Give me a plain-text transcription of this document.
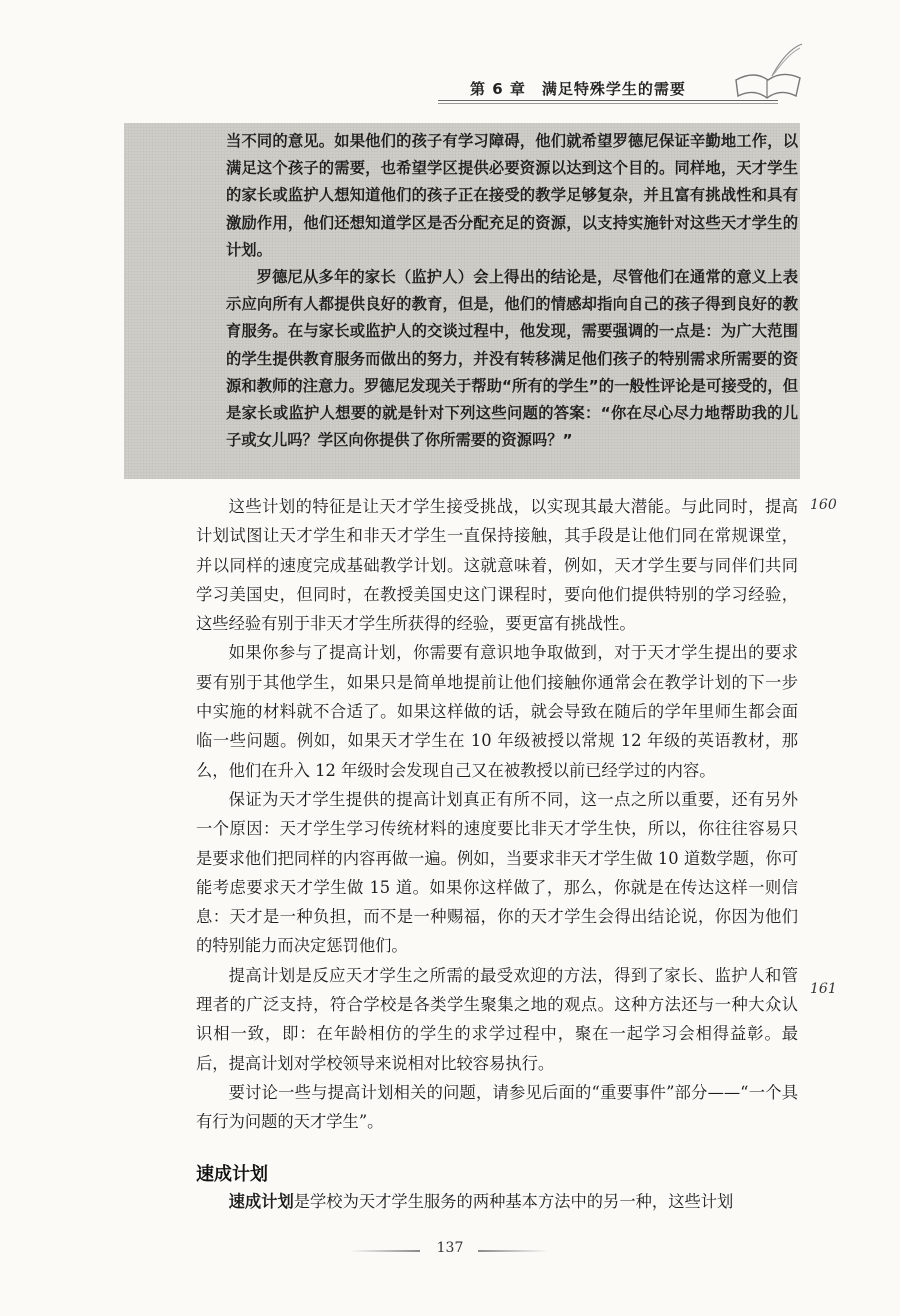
第 6 章　满足特殊学生的需要

当不同的意见。如果他们的孩子有学习障碍，他们就希望罗德尼保证辛勤地工作，以满足这个孩子的需要，也希望学区提供必要资源以达到这个目的。同样地，天才学生的家长或监护人想知道他们的孩子正在接受的教学足够复杂，并且富有挑战性和具有激励作用，他们还想知道学区是否分配充足的资源，以支持实施针对这些天才学生的计划。

罗德尼从多年的家长（监护人）会上得出的结论是，尽管他们在通常的意义上表示应向所有人都提供良好的教育，但是，他们的情感却指向自己的孩子得到良好的教育服务。在与家长或监护人的交谈过程中，他发现，需要强调的一点是：为广大范围的学生提供教育服务而做出的努力，并没有转移满足他们孩子的特别需求所需要的资源和教师的注意力。罗德尼发现关于帮助“所有的学生”的一般性评论是可接受的，但是家长或监护人想要的就是针对下列这些问题的答案：“你在尽心尽力地帮助我的儿子或女儿吗？学区向你提供了你所需要的资源吗？”

这些计划的特征是让天才学生接受挑战，以实现其最大潜能。与此同时，提高计划试图让天才学生和非天才学生一直保持接触，其手段是让他们同在常规课堂，并以同样的速度完成基础教学计划。这就意味着，例如，天才学生要与同伴们共同学习美国史，但同时，在教授美国史这门课程时，要向他们提供特别的学习经验，这些经验有别于非天才学生所获得的经验，要更富有挑战性。

如果你参与了提高计划，你需要有意识地争取做到，对于天才学生提出的要求要有别于其他学生，如果只是简单地提前让他们接触你通常会在教学计划的下一步中实施的材料就不合适了。如果这样做的话，就会导致在随后的学年里师生都会面临一些问题。例如，如果天才学生在 10 年级被授以常规 12 年级的英语教材，那么，他们在升入 12 年级时会发现自己又在被教授以前已经学过的内容。

保证为天才学生提供的提高计划真正有所不同，这一点之所以重要，还有另外一个原因：天才学生学习传统材料的速度要比非天才学生快，所以，你往往容易只是要求他们把同样的内容再做一遍。例如，当要求非天才学生做 10 道数学题，你可能考虑要求天才学生做 15 道。如果你这样做了，那么，你就是在传达这样一则信息：天才是一种负担，而不是一种赐福，你的天才学生会得出结论说，你因为他们的特别能力而决定惩罚他们。

提高计划是反应天才学生之所需的最受欢迎的方法，得到了家长、监护人和管理者的广泛支持，符合学校是各类学生聚集之地的观点。这种方法还与一种大众认识相一致，即：在年龄相仿的学生的求学过程中，聚在一起学习会相得益彰。最后，提高计划对学校领导来说相对比较容易执行。

要讨论一些与提高计划相关的问题，请参见后面的“重要事件”部分——“一个具有行为问题的天才学生”。

160
161
速成计划

速成计划是学校为天才学生服务的两种基本方法中的另一种，这些计划

137
